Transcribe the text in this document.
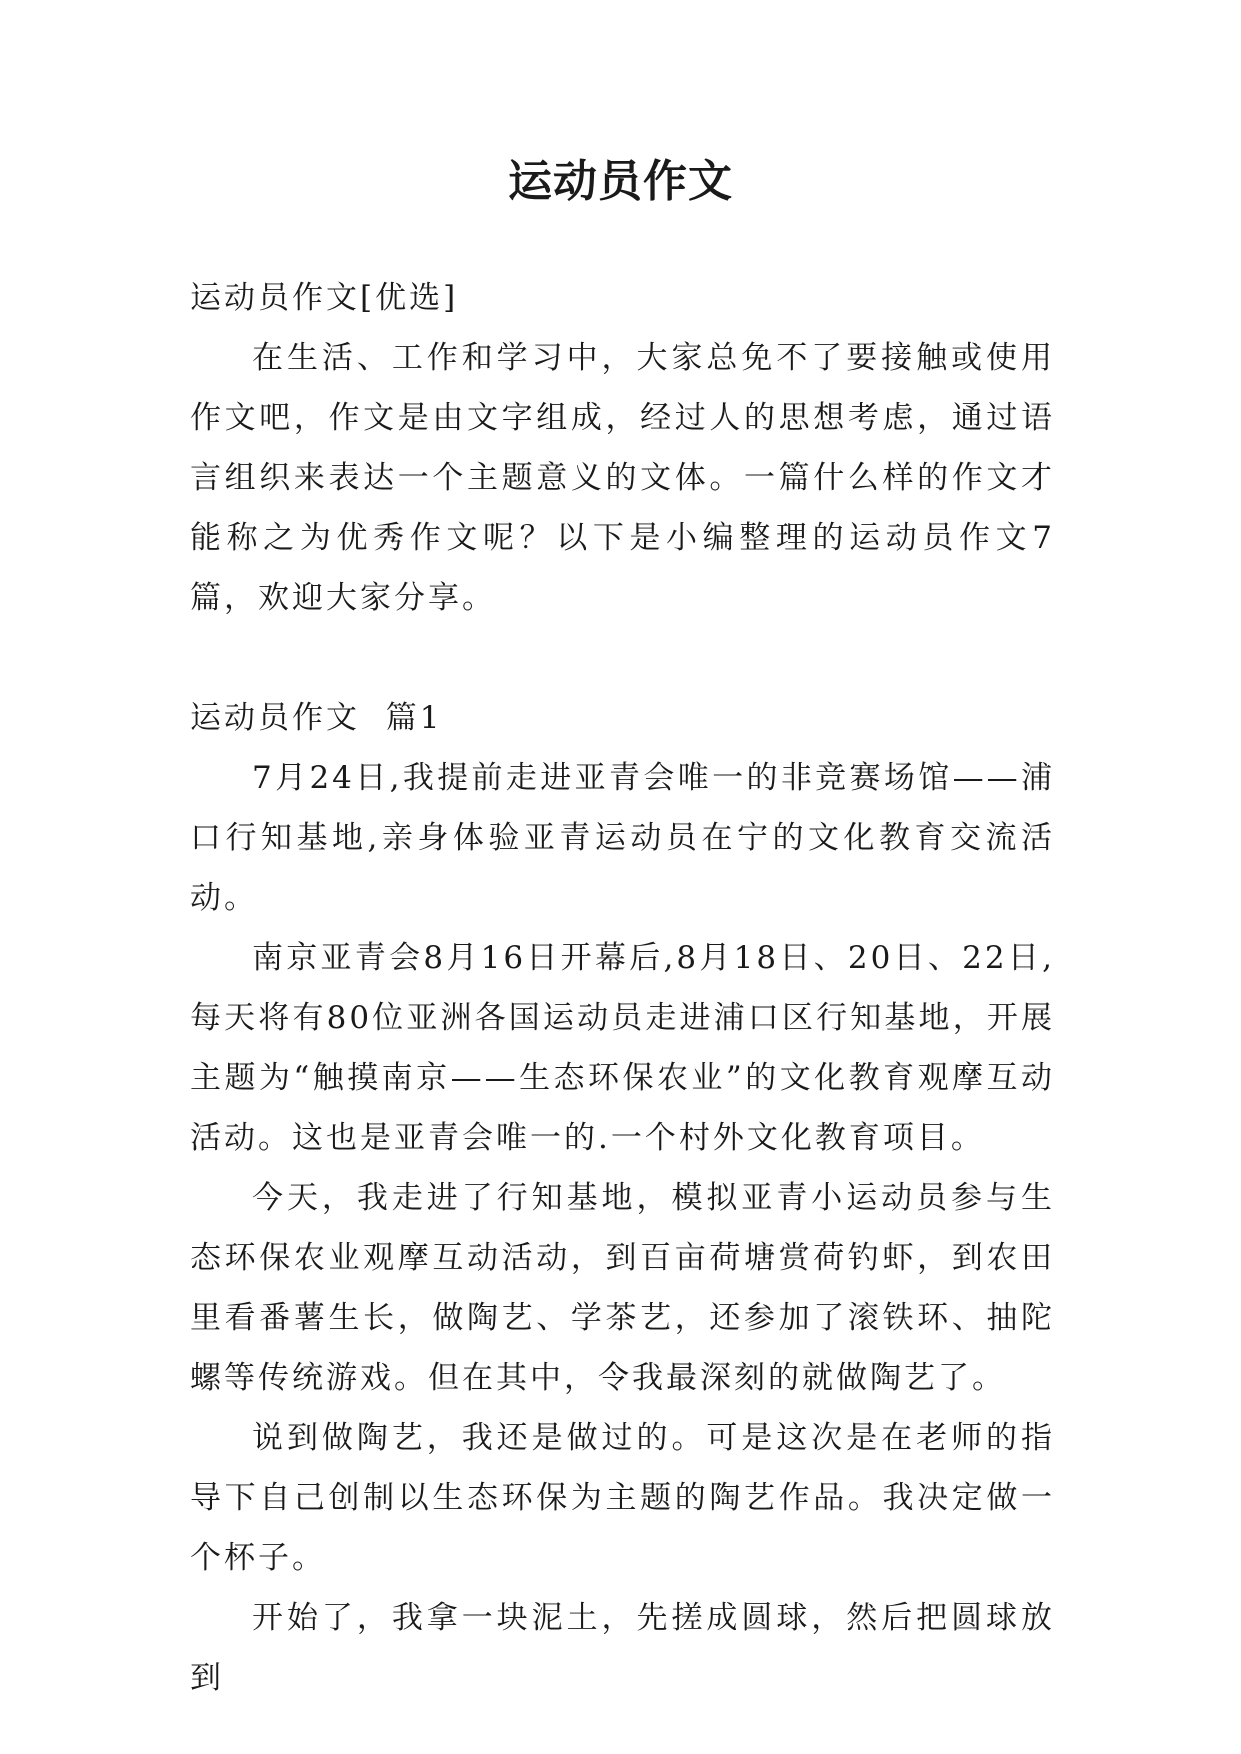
运动员作文

运动员作文[优选]

在生活、工作和学习中，大家总免不了要接触或使用作文吧，作文是由文字组成，经过人的思想考虑，通过语言组织来表达一个主题意义的文体。一篇什么样的作文才能称之为优秀作文呢？以下是小编整理的运动员作文7篇，欢迎大家分享。

运动员作文  篇1

7月24日,我提前走进亚青会唯一的非竞赛场馆——浦口行知基地,亲身体验亚青运动员在宁的文化教育交流活动。

南京亚青会8月16日开幕后,8月18日、20日、22日,每天将有80位亚洲各国运动员走进浦口区行知基地，开展主题为“触摸南京——生态环保农业”的文化教育观摩互动活动。这也是亚青会唯一的.一个村外文化教育项目。

今天，我走进了行知基地，模拟亚青小运动员参与生态环保农业观摩互动活动，到百亩荷塘赏荷钓虾，到农田里看番薯生长，做陶艺、学茶艺，还参加了滚铁环、抽陀螺等传统游戏。但在其中，令我最深刻的就做陶艺了。

说到做陶艺，我还是做过的。可是这次是在老师的指导下自己创制以生态环保为主题的陶艺作品。我决定做一个杯子。

开始了，我拿一块泥土，先搓成圆球，然后把圆球放到
